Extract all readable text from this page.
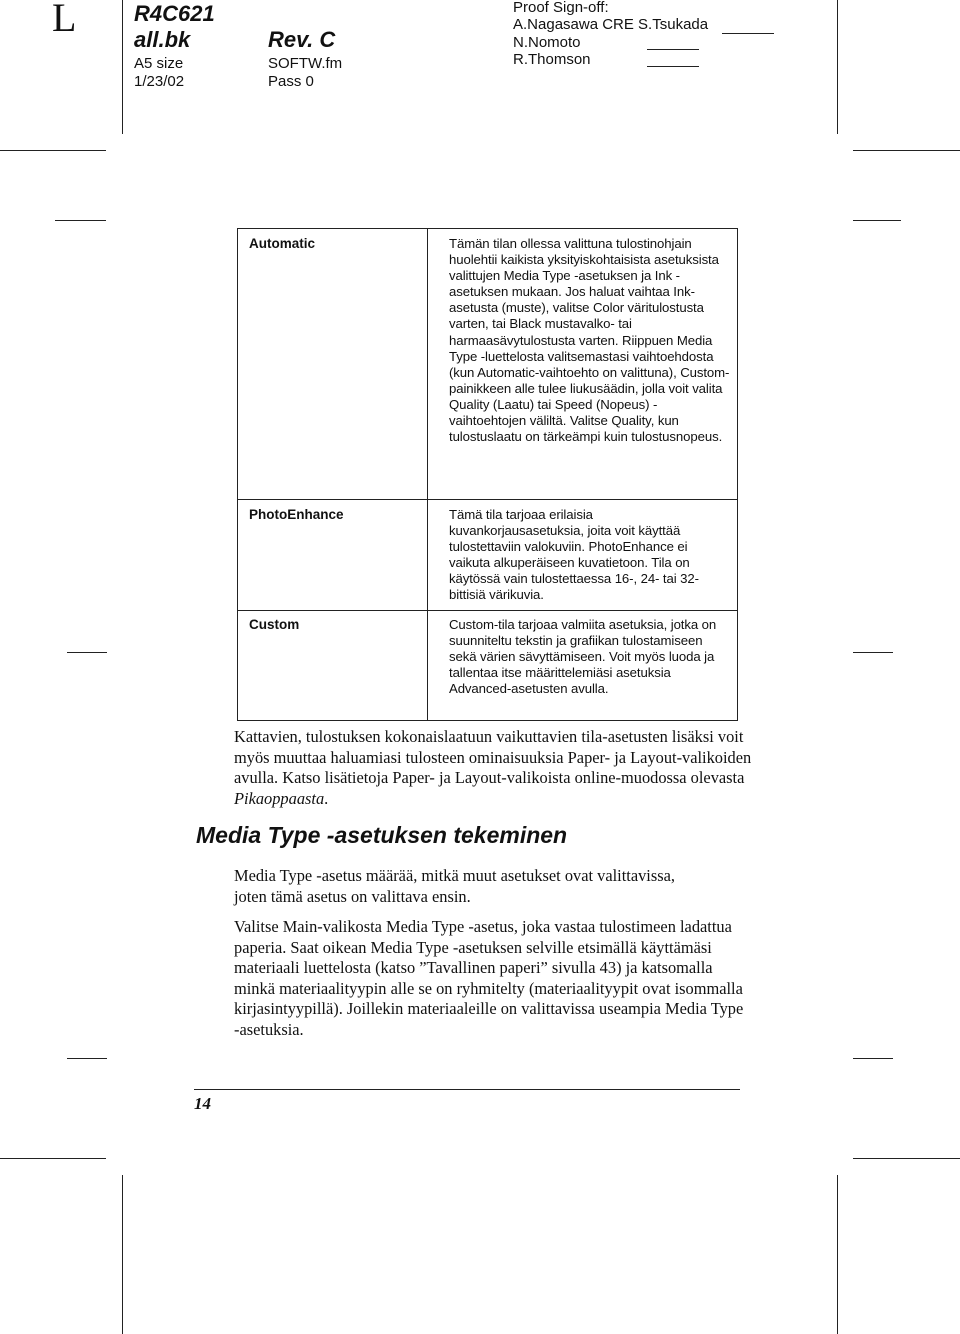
L	R4C621
all.bk	Rev. C
A5 size	SOFTW.fm
1/23/02	Pass 0
Proof Sign-off:
A.Nagasawa CRE S.Tsukada
N.Nomoto
R.Thomson
Automatic	Tämän tilan ollessa valittuna tulostinohjain huolehtii kaikista yksityiskohtaisista asetuksista valittujen Media Type -asetuksen ja Ink -asetuksen mukaan. Jos haluat vaihtaa Ink-asetusta (muste), valitse Color väritulostusta varten, tai Black mustavalko- tai harmaasävytulostusta varten. Riippuen Media Type -luettelosta valitsemastasi vaihtoehdosta (kun Automatic-vaihtoehto on valittuna), Custom-painikkeen alle tulee liukusäädin, jolla voit valita Quality (Laatu) tai Speed (Nopeus) -vaihtoehtojen väliltä. Valitse Quality, kun tulostuslaatu on tärkeämpi kuin tulostusnopeus.
PhotoEnhance	Tämä tila tarjoaa erilaisia kuvankorjausasetuksia, joita voit käyttää tulostettaviin valokuviin. PhotoEnhance ei vaikuta alkuperäiseen kuvatietoon. Tila on käytössä vain tulostettaessa 16-, 24- tai 32-bittisiä värikuvia.
Custom	Custom-tila tarjoaa valmiita asetuksia, jotka on suunniteltu tekstin ja grafiikan tulostamiseen sekä värien sävyttämiseen. Voit myös luoda ja tallentaa itse määrittelemiäsi asetuksia Advanced-asetusten avulla.
Kattavien, tulostuksen kokonaislaatuun vaikuttavien tila-asetusten lisäksi voit myös muuttaa haluamiasi tulosteen ominaisuuksia Paper- ja Layout-valikoiden avulla. Katso lisätietoja Paper- ja Layout-valikoista online-muodossa olevasta Pikaoppaasta.
Media Type -asetuksen tekeminen
Media Type -asetus määrää, mitkä muut asetukset ovat valittavissa, joten tämä asetus on valittava ensin.
Valitse Main-valikosta Media Type -asetus, joka vastaa tulostimeen ladattua paperia. Saat oikean Media Type -asetuksen selville etsimällä käyttämäsi materiaali luettelosta (katso ”Tavallinen paperi” sivulla 43) ja katsomalla minkä materiaalityypin alle se on ryhmitelty (materiaalityypit ovat isommalla kirjasintyypillä). Joillekin materiaaleille on valittavissa useampia Media Type -asetuksia.
14
